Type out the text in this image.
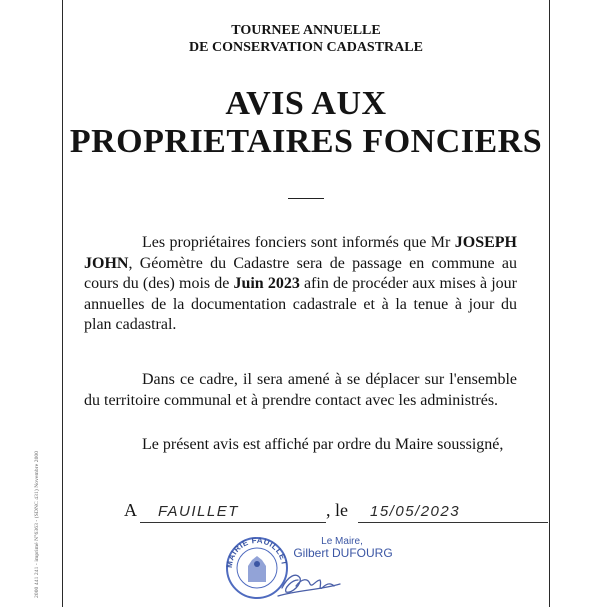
2000 441 241 - imprimé N°6363 - (SDNC 431) Novembre 2000
TOURNEE ANNUELLE
DE CONSERVATION CADASTRALE
AVIS AUX
PROPRIETAIRES FONCIERS

Les propriétaires fonciers sont informés que Mr JOSEPH JOHN, Géomètre du Cadastre sera de passage en commune au cours du (des) mois de Juin 2023 afin de procéder aux mises à jour annuelles de la documentation cadastrale et à la tenue à jour du plan cadastral.

Dans ce cadre, il sera amené à se déplacer sur l'ensemble du territoire communal et à prendre contact avec les administrés.

Le présent avis est affiché par ordre du Maire soussigné,

A FAUILLET	, le 15/05/2023
Le Maire,
Gilbert DUFOURG
MAIRIE FAUILLET
